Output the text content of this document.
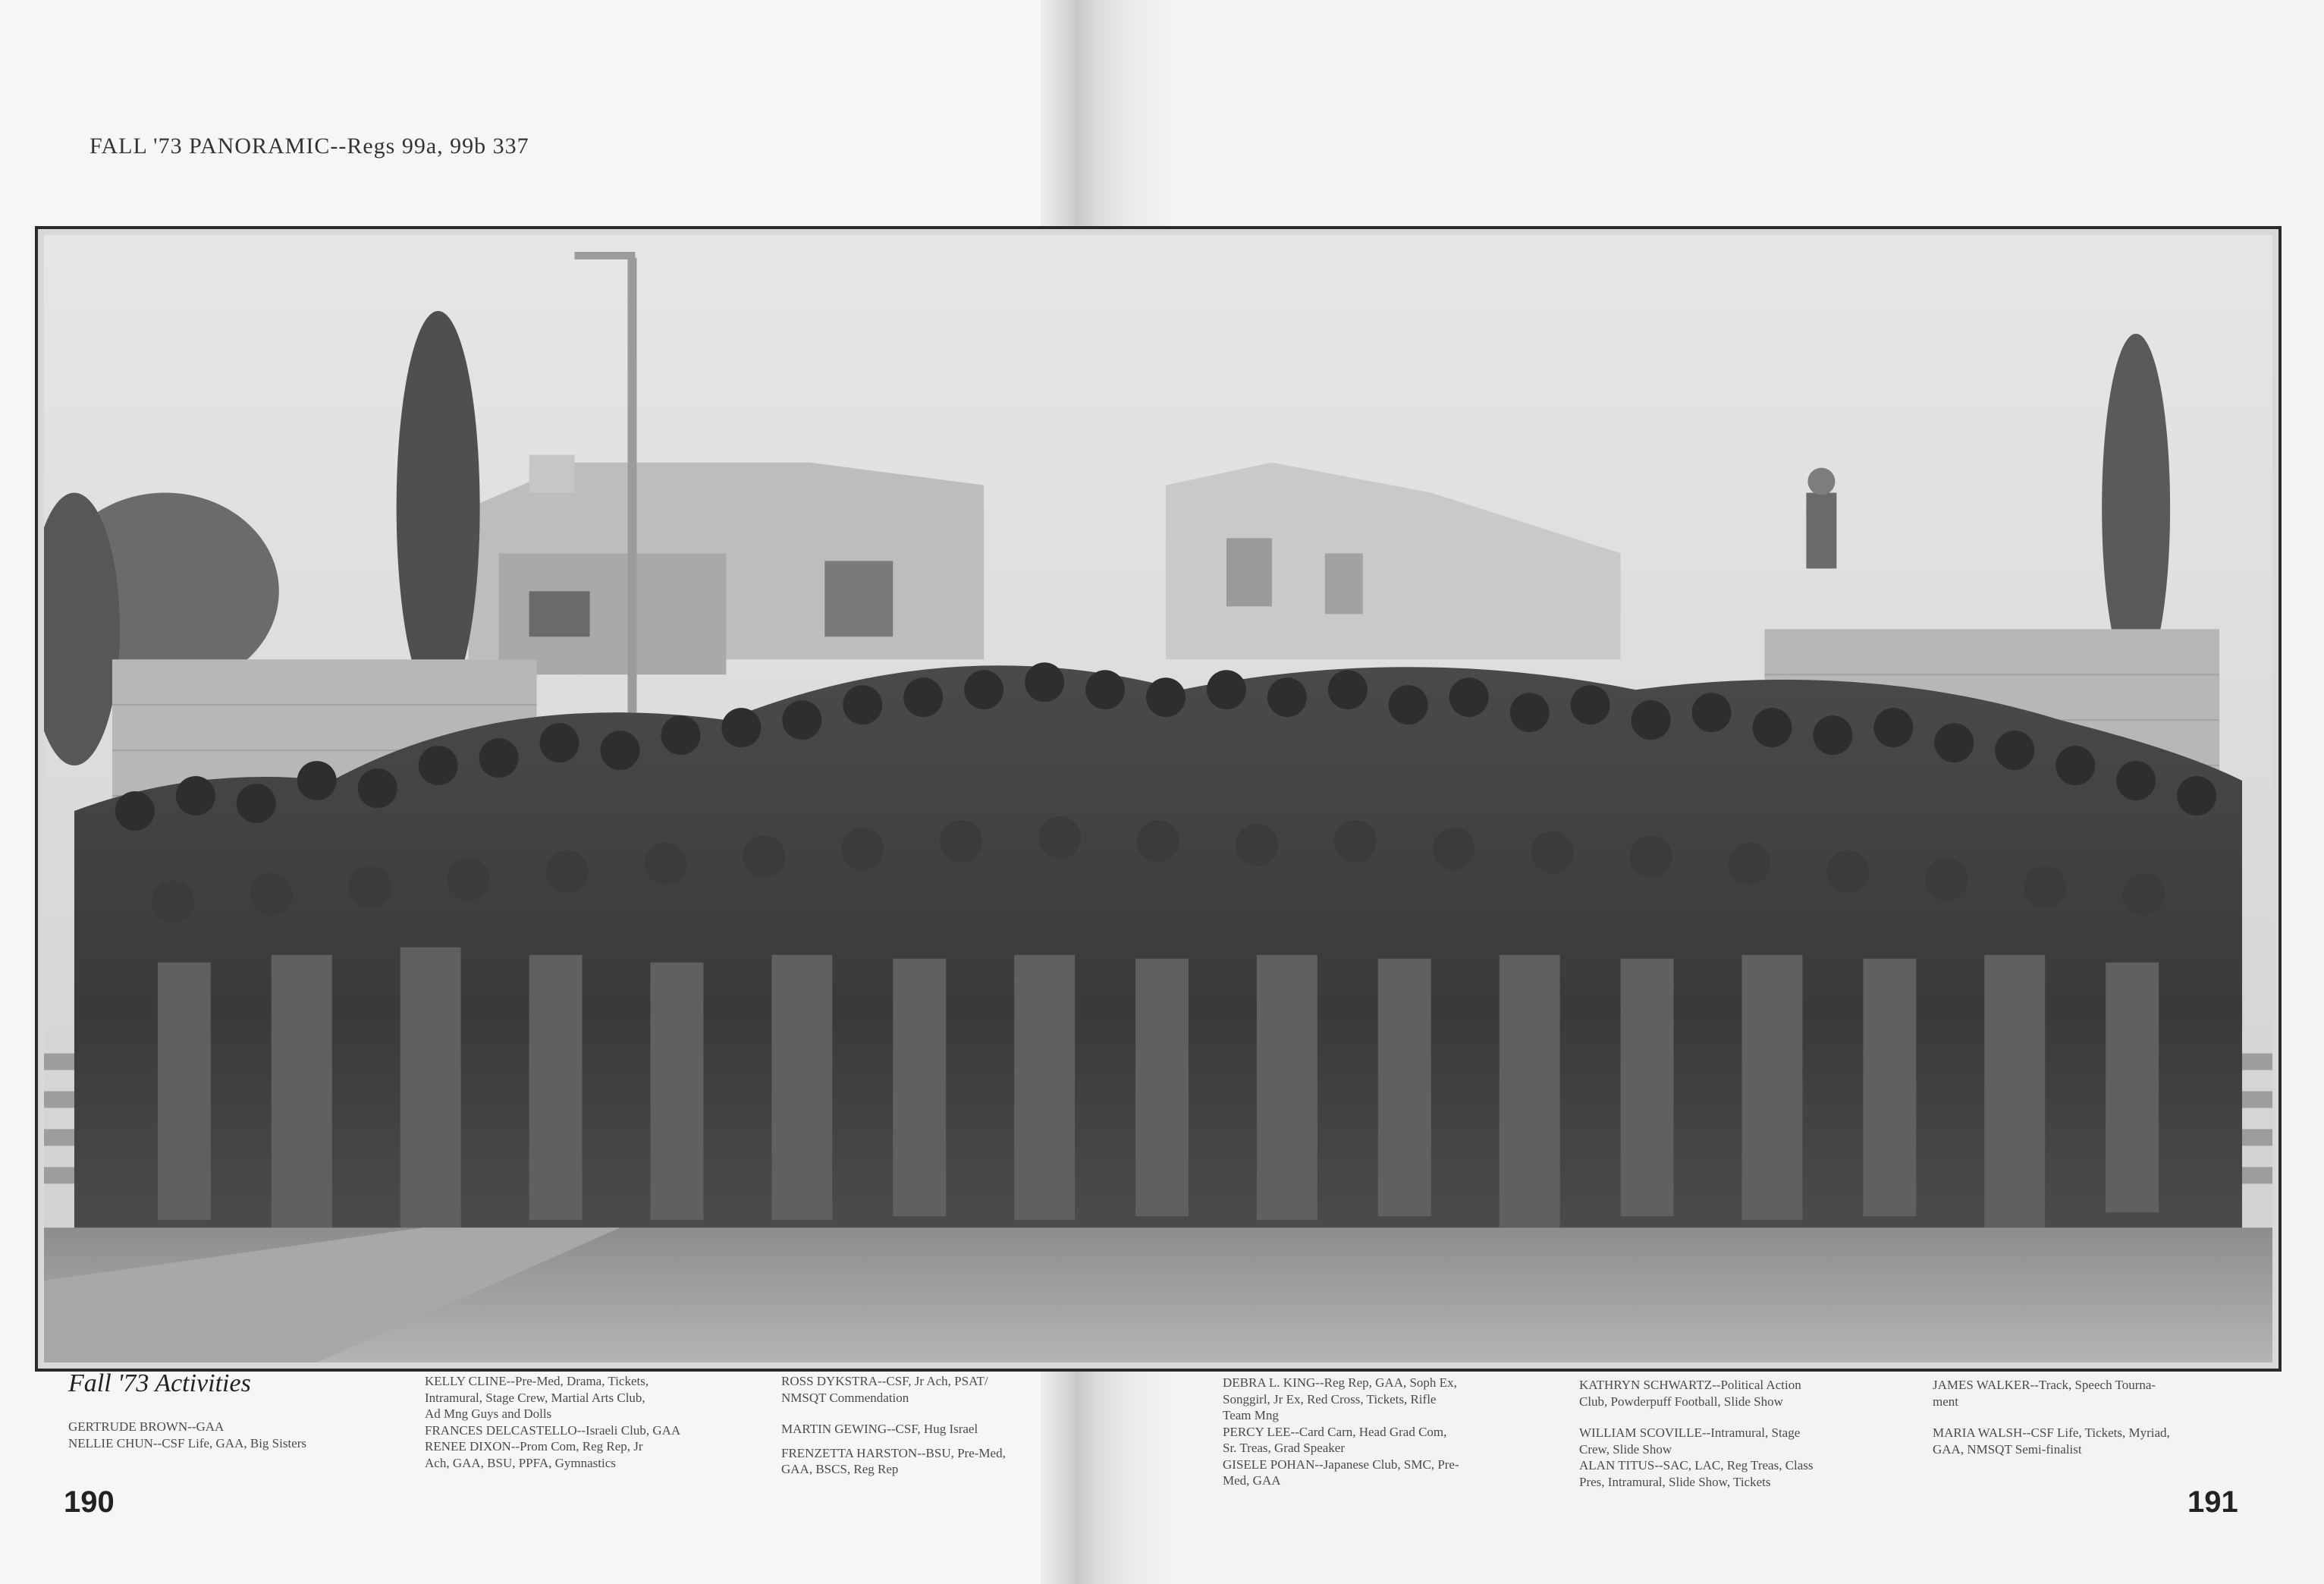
FALL '73 PANORAMIC--Regs 99a, 99b 337
Fall '73 Activities

GERTRUDE BROWN--GAA

NELLIE CHUN--CSF Life, GAA, Big Sisters

KELLY CLINE--Pre-Med, Drama, Tickets,

Intramural, Stage Crew, Martial Arts Club,

Ad Mng Guys and Dolls

FRANCES DELCASTELLO--Israeli Club, GAA

RENEE DIXON--Prom Com, Reg Rep, Jr

Ach, GAA, BSU, PPFA, Gymnastics

ROSS DYKSTRA--CSF, Jr Ach, PSAT/

NMSQT Commendation

MARTIN GEWING--CSF, Hug Israel

FRENZETTA HARSTON--BSU, Pre-Med,

GAA, BSCS, Reg Rep

DEBRA L. KING--Reg Rep, GAA, Soph Ex,

Songgirl, Jr Ex, Red Cross, Tickets, Rifle

Team Mng

PERCY LEE--Card Carn, Head Grad Com,

Sr. Treas, Grad Speaker

GISELE POHAN--Japanese Club, SMC, Pre-

Med, GAA

KATHRYN SCHWARTZ--Political Action

Club, Powderpuff Football, Slide Show

WILLIAM SCOVILLE--Intramural, Stage

Crew, Slide Show

ALAN TITUS--SAC, LAC, Reg Treas, Class

Pres, Intramural, Slide Show, Tickets

JAMES WALKER--Track, Speech Tourna-

ment

MARIA WALSH--CSF Life, Tickets, Myriad,

GAA, NMSQT Semi-finalist

190	191
